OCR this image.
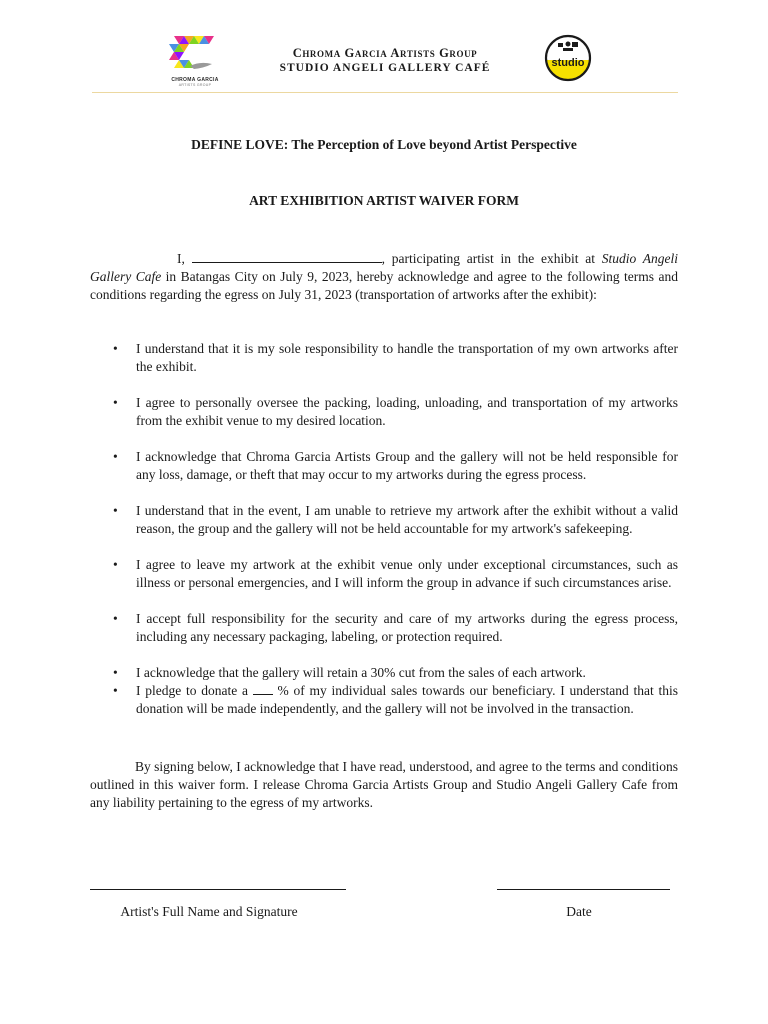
CHROMA GARCIA
ARTISTS GROUP
Chroma Garcia Artists Group
STUDIO ANGELI GALLERY CAFÉ	studio
DEFINE LOVE: The Perception of Love beyond Artist Perspective
ART EXHIBITION ARTIST WAIVER FORM
I,	, participating artist in the exhibit at Studio Angeli Gallery Cafe in Batangas City on July 9, 2023, hereby acknowledge and agree to the following terms and conditions regarding the egress on July 31, 2023 (transportation of artworks after the exhibit):
•	I understand that it is my sole responsibility to handle the transportation of my own artworks after the exhibit.
•	I agree to personally oversee the packing, loading, unloading, and transportation of my artworks from the exhibit venue to my desired location.
•	I acknowledge that Chroma Garcia Artists Group and the gallery will not be held responsible for any loss, damage, or theft that may occur to my artworks during the egress process.
•	I understand that in the event, I am unable to retrieve my artwork after the exhibit without a valid reason, the group and the gallery will not be held accountable for my artwork's safekeeping.
•	I agree to leave my artwork at the exhibit venue only under exceptional circumstances, such as illness or personal emergencies, and I will inform the group in advance if such circumstances arise.
•	I accept full responsibility for the security and care of my artworks during the egress process, including any necessary packaging, labeling, or protection required.
•	I acknowledge that the gallery will retain a 30% cut from the sales of each artwork.
•	I pledge to donate a % of my individual sales towards our beneficiary. I understand that this donation will be made independently, and the gallery will not be involved in the transaction.
By signing below, I acknowledge that I have read, understood, and agree to the terms and conditions outlined in this waiver form. I release Chroma Garcia Artists Group and Studio Angeli Gallery Cafe from any liability pertaining to the egress of my artworks.
Artist's Full Name and Signature	Date
